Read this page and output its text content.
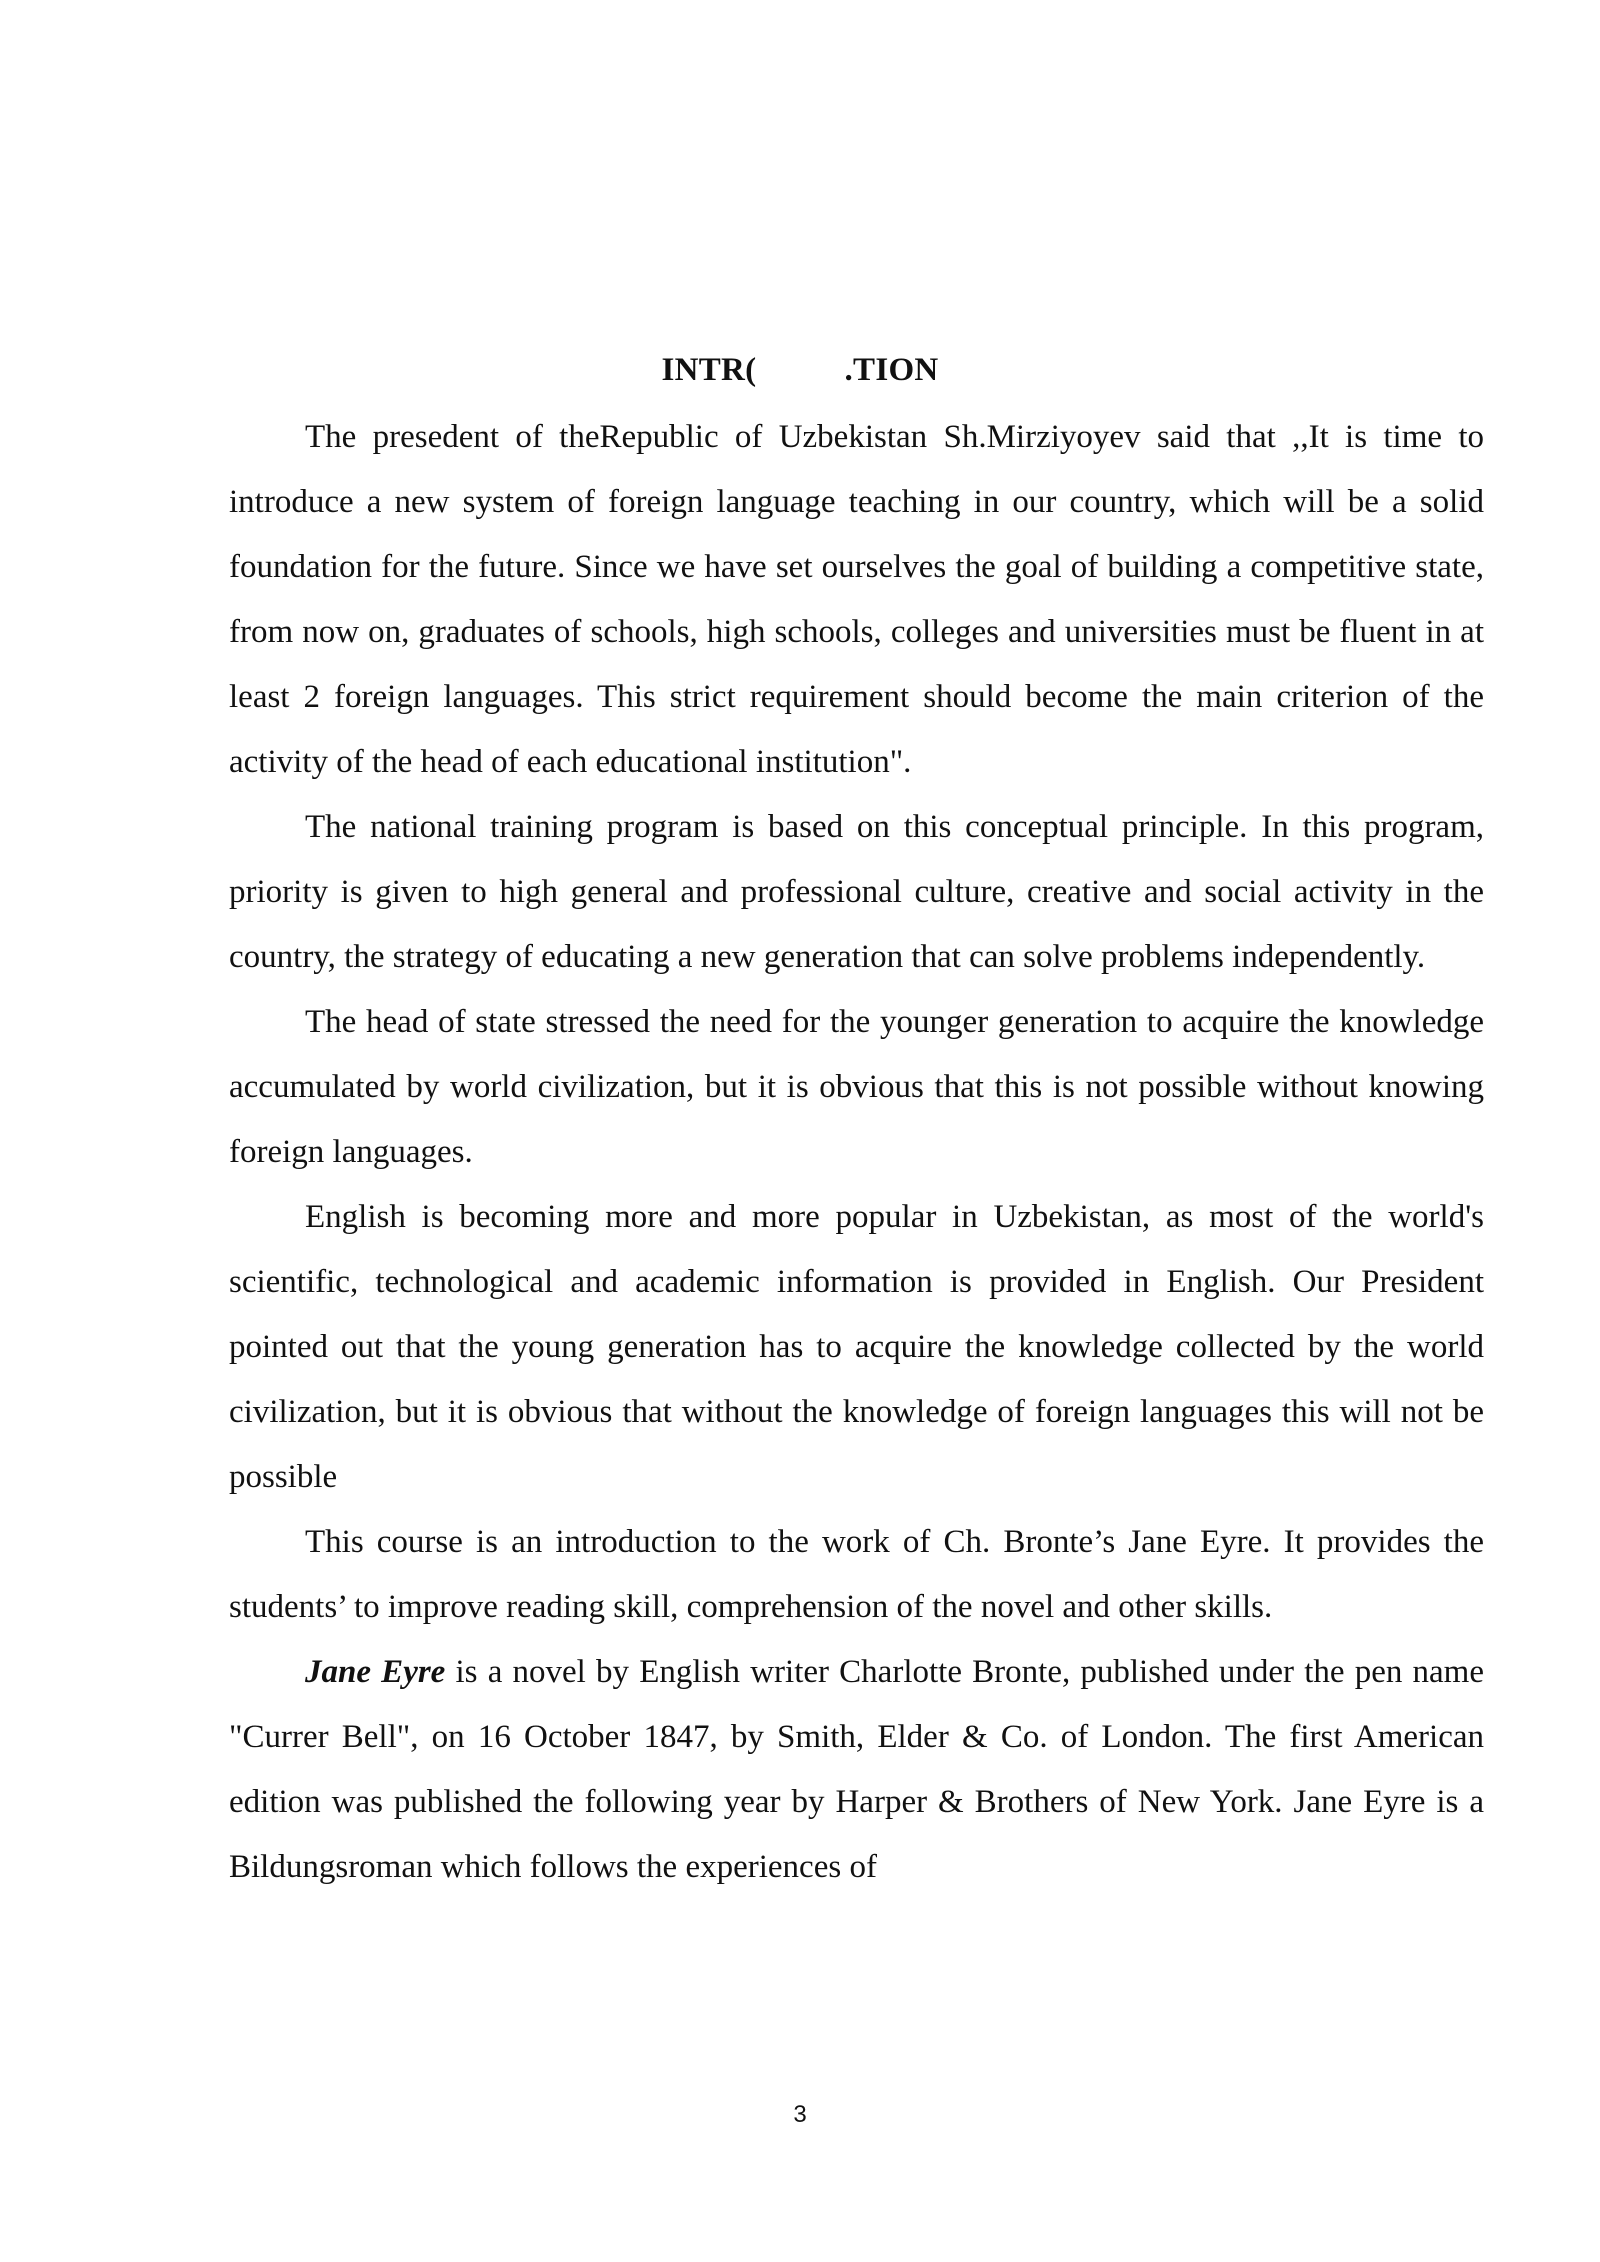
INTR(	.TION

The presedent of theRepublic of Uzbekistan Sh.Mirziyoyev said that ,,It is time to introduce a new system of foreign language teaching in our country, which will be a solid foundation for the future. Since we have set ourselves the goal of building a competitive state, from now on, graduates of schools, high schools, colleges and universities must be fluent in at least 2 foreign languages. This strict requirement should become the main criterion of the activity of the head of each educational institution".

The national training program is based on this conceptual principle. In this program, priority is given to high general and professional culture, creative and social activity in the country, the strategy of educating a new generation that can solve problems independently.

The head of state stressed the need for the younger generation to acquire the knowledge accumulated by world civilization, but it is obvious that this is not possible without knowing foreign languages.

English is becoming more and more popular in Uzbekistan, as most of the world's scientific, technological and academic information is provided in English. Our President pointed out that the young generation has to acquire the knowledge collected by the world civilization, but it is obvious that without the knowledge of foreign languages this will not be possible

This course is an introduction to the work of Ch. Bronte’s Jane Eyre. It provides the students’ to improve reading skill, comprehension of the novel and other skills.

Jane Eyre is a novel by English writer Charlotte Bronte, published under the pen name "Currer Bell", on 16 October 1847, by Smith, Elder & Co. of London. The first American edition was published the following year by Harper & Brothers of New York. Jane Eyre is a Bildungsroman which follows the experiences of

3
